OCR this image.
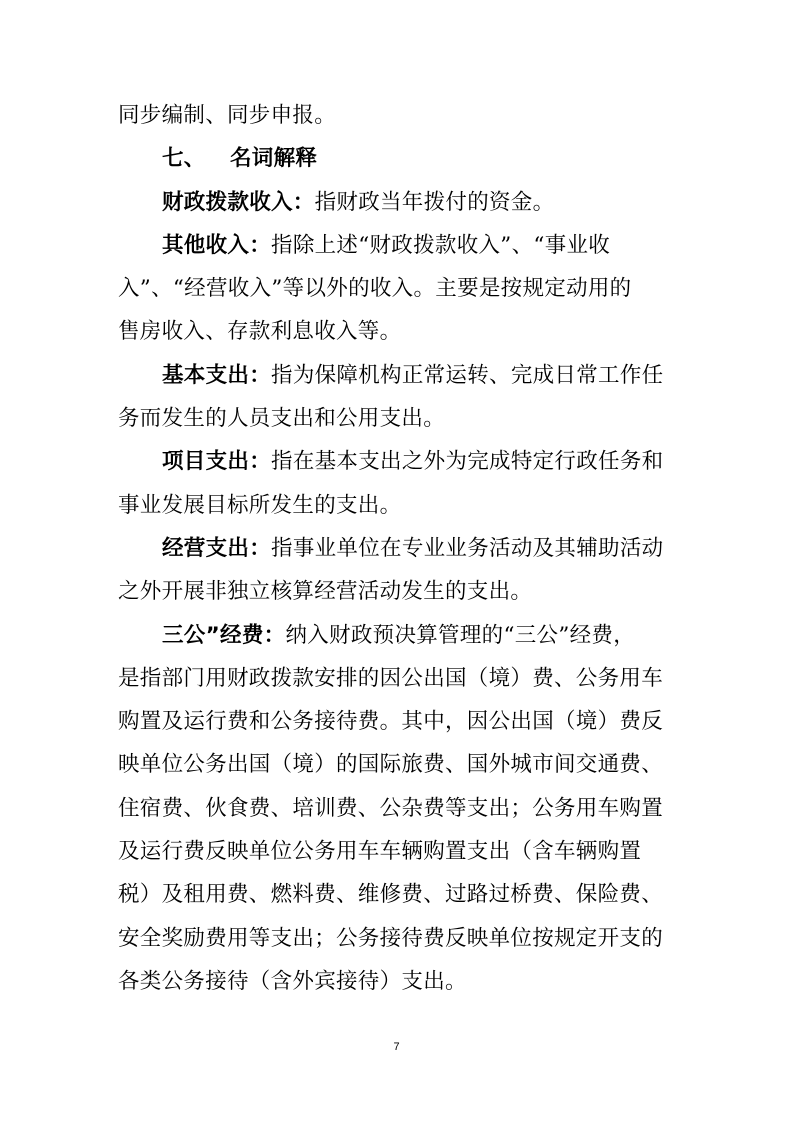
同步编制、同步申报。
七、 名词解释
财政拨款收入：指财政当年拨付的资金。
其他收入：指除上述“财政拨款收入”、“事业收
入”、“经营收入”等以外的收入。主要是按规定动用的
售房收入、存款利息收入等。
基本支出：指为保障机构正常运转、完成日常工作任
务而发生的人员支出和公用支出。
项目支出：指在基本支出之外为完成特定行政任务和
事业发展目标所发生的支出。
经营支出：指事业单位在专业业务活动及其辅助活动
之外开展非独立核算经营活动发生的支出。
三公”经费：纳入财政预决算管理的“三公”经费，
是指部门用财政拨款安排的因公出国（境）费、公务用车
购置及运行费和公务接待费。其中，因公出国（境）费反
映单位公务出国（境）的国际旅费、国外城市间交通费、
住宿费、伙食费、培训费、公杂费等支出；公务用车购置
及运行费反映单位公务用车车辆购置支出（含车辆购置
税）及租用费、燃料费、维修费、过路过桥费、保险费、
安全奖励费用等支出；公务接待费反映单位按规定开支的
各类公务接待（含外宾接待）支出。
7
